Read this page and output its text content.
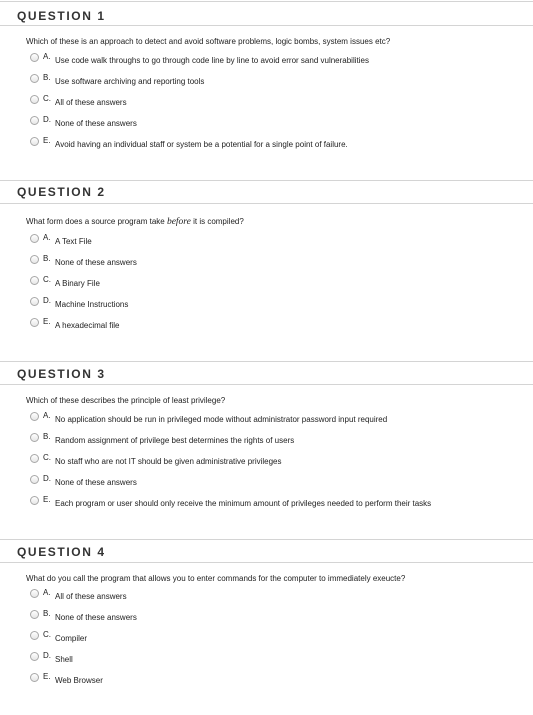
QUESTION 1
Which of these is an approach to detect and avoid software problems, logic bombs, system issues etc?
A. Use code walk throughs to go through code line by line to avoid error sand vulnerabilities
B. Use software archiving and reporting tools
C. All of these answers
D. None of these answers
E. Avoid having an individual staff or system be a potential for a single point of failure.
QUESTION 2
What form does a source program take before it is compiled?
A. A Text File
B. None of these answers
C. A Binary File
D. Machine Instructions
E. A hexadecimal file
QUESTION 3
Which of these describes the principle of least privilege?
A. No application should be run in privileged mode without administrator password input required
B. Random assignment of privilege best determines the rights of users
C. No staff who are not IT should be given administrative privileges
D. None of these answers
E. Each program or user should only receive the minimum amount of privileges needed to perform their tasks
QUESTION 4
What do you call the program that allows you to enter commands for the computer to immediately exeucte?
A. All of these answers
B. None of these answers
C. Compiler
D. Shell
E. Web Browser
